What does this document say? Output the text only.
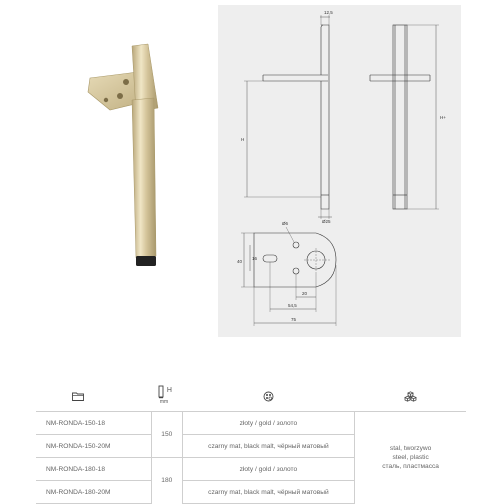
12,5
H
H+
Ø25
Ø6
40
16
20
54,5
75

H
mm

NM-RONDA-150-18	150	złoty / gold / золото	stal, tworzywo
steel, plastic
сталь, пластмасса

NM-RONDA-150-20M		czarny mat, black malt, чёрный матовый	
NM-RONDA-180-18	180	złoty / gold / золото	
NM-RONDA-180-20M		czarny mat, black malt, чёрный матовый	
